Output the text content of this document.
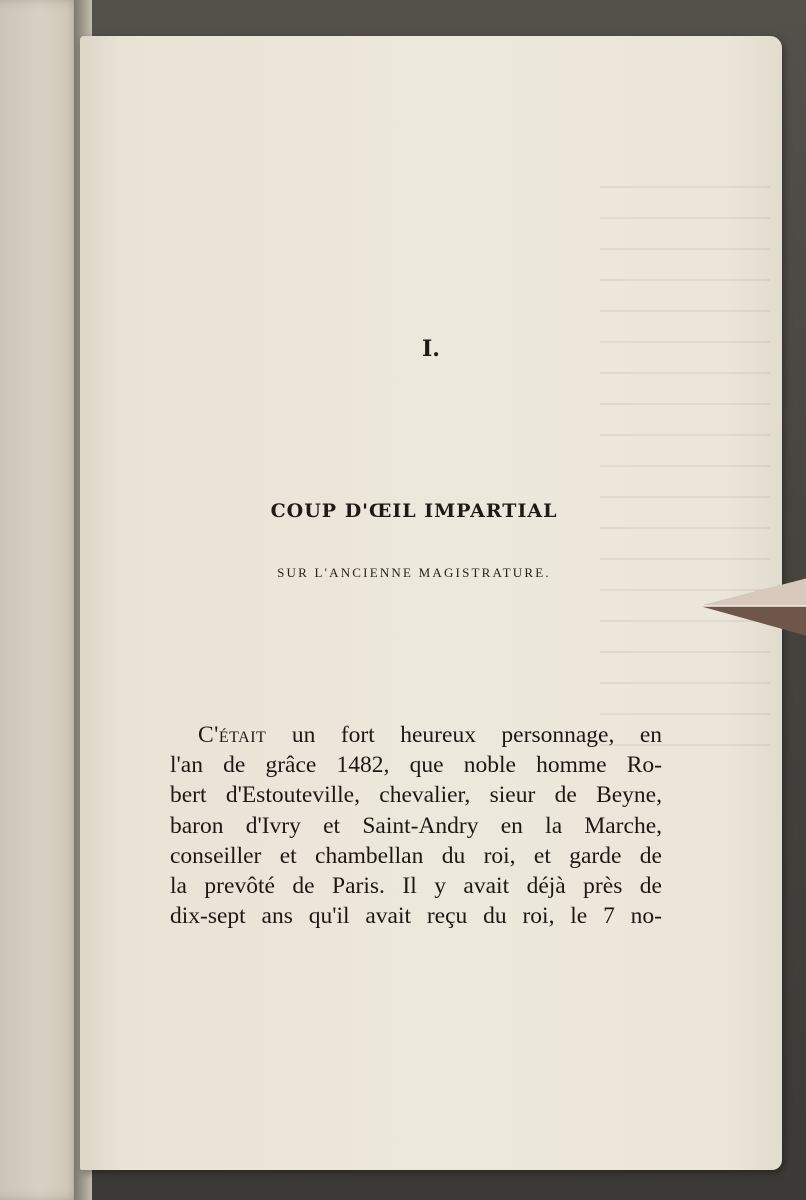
I.
COUP D'ŒIL IMPARTIAL
SUR L'ANCIENNE MAGISTRATURE.
C'était un fort heureux personnage, en
l'an de grâce 1482, que noble homme Ro-
bert d'Estouteville, chevalier, sieur de Beyne,
baron d'Ivry et Saint-Andry en la Marche,
conseiller et chambellan du roi, et garde de
la prevôté de Paris. Il y avait déjà près de
dix-sept ans qu'il avait reçu du roi, le 7 no-
